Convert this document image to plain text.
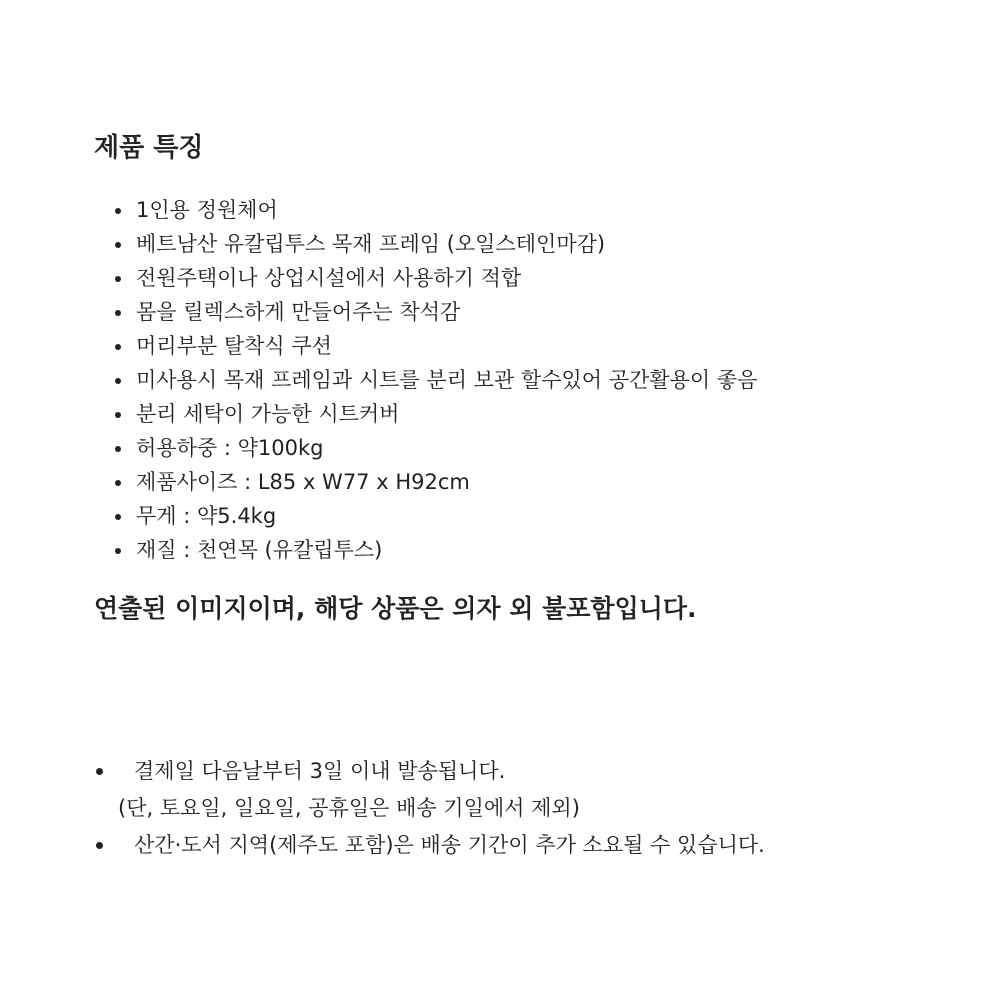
제품 특징
1인용 정원체어
베트남산 유칼립투스 목재 프레임 (오일스테인마감)
전원주택이나 상업시설에서 사용하기 적합
몸을 릴렉스하게 만들어주는 착석감
머리부분 탈착식 쿠션
미사용시 목재 프레임과 시트를 분리 보관 할수있어 공간활용이 좋음
분리 세탁이 가능한 시트커버
허용하중 : 약100kg
제품사이즈 : L85 x W77 x H92cm
무게 : 약5.4kg
재질 : 천연목 (유칼립투스)

연출된 이미지이며, 해당 상품은 의자 외 불포함입니다.

결제일 다음날부터 3일 이내 발송됩니다.
(단, 토요일, 일요일, 공휴일은 배송 기일에서 제외)
산간·도서 지역(제주도 포함)은 배송 기간이 추가 소요될 수 있습니다.
